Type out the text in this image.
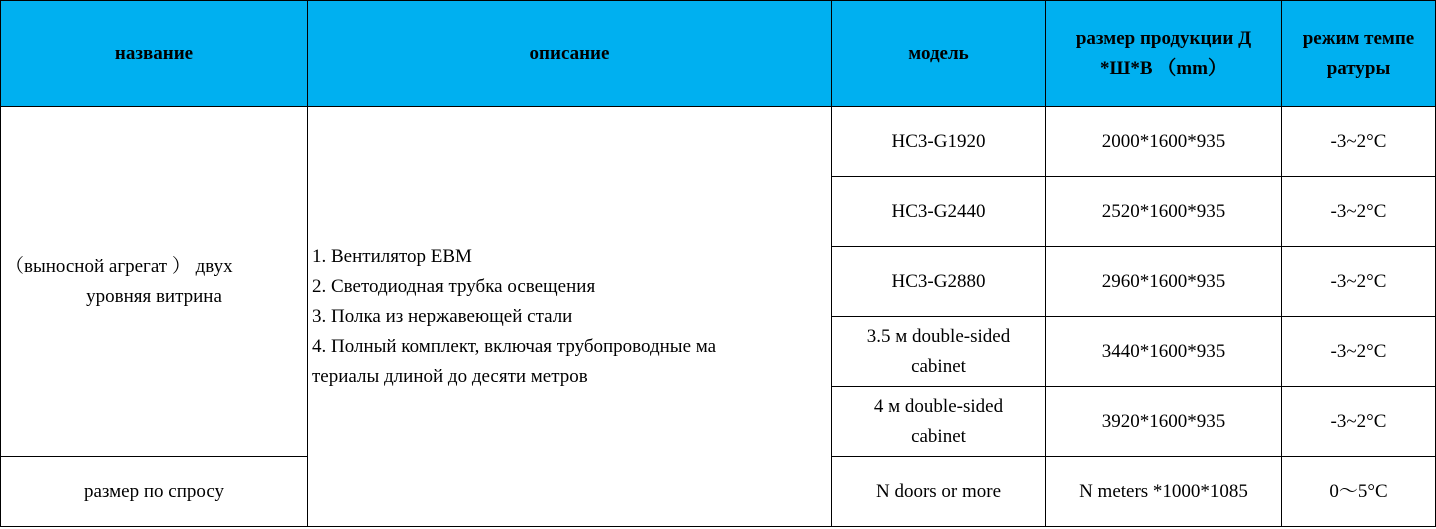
название	описание	модель	размер продукции Д
*Ш*В （mm）	режим темпе
ратуры

（выносной агрегат ） двух
уровняя витрина	1. Вентилятор EBM
2. Светодиодная трубка освещения
3. Полка из нержавеющей стали
4. Полный комплект, включая трубопроводные ма
териалы длиной до десяти метров	HC3-G1920	2000*1600*935	-3~2°C
		HC3-G2440	2520*1600*935	-3~2°C
		HC3-G2880	2960*1600*935	-3~2°C

		3.5 м double-sided
cabinet	3440*1600*935	-3~2°C

		4 м double-sided
cabinet	3920*1600*935	-3~2°C
размер по спросу		N doors or more	N meters *1000*1085	0～5°C
